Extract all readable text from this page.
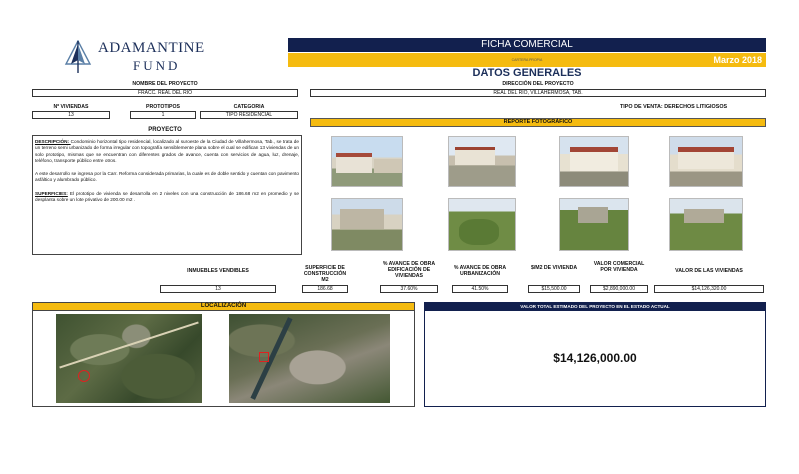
ADAMANTINE
FUND
FICHA COMERCIAL
CARTERA PROPIA	Marzo 2018
DATOS GENERALES
NOMBRE DEL PROYECTO
FRACC. REAL DEL RIO
DIRECCIÓN DEL PROYECTO
REAL DEL RIO, VILLAHERMOSA, TAB.
Nº VIVIENDAS
13
PROTOTIPOS
1
CATEGORIA
TIPO RESIDENCIAL
TIPO DE VENTA: DERECHOS LITIGIOSOS
PROYECTO

DESCRIPCIÓN: Condominio horizontal tipo residencial, localizado al suroeste de la Ciudad de Villahermosa, Tab., se trata de un terreno semi urbanizado de forma irregular con topografía sensiblemente plana sobre el cual se edifican 13 viviendas de un solo prototipo, mismas que se encuentran con diferentes grados de avance, cuenta con servicios de agua, luz, drenaje, teléfono, transporte público entre otros.

A este desarrollo se ingresa por la Carr. Reforma considerada primarias, la cuale es de doble sentido y cuentan con pavimento asfáltico y alumbrado público.

SUPERFICIES: El prototipo de vivienda se desarrolla en 2 niveles con una construcción de 186.68 m2 en promedio y se desplanta sobre un lote privativo de 200.00 m2 .

REPORTE FOTOGRÁFICO
INMUEBLES VENDIBLES
13
SUPERFICIE DE CONSTRUCCIÓN M2
186.68
% AVANCE DE OBRA EDIFICACIÓN DE VIVIENDAS
37.60%
% AVANCE DE OBRA URBANIZACIÓN
41.50%
$/M2 DE VIVIENDA
$15,500.00
VALOR COMERCIAL POR VIVIENDA
$2,890,000.00
VALOR DE LAS VIVIENDAS
$14,126,320.00
LOCALIZACIÓN	VALOR TOTAL ESTIMADO DEL PROYECTO EN EL ESTADO ACTUAL
$14,126,000.00
